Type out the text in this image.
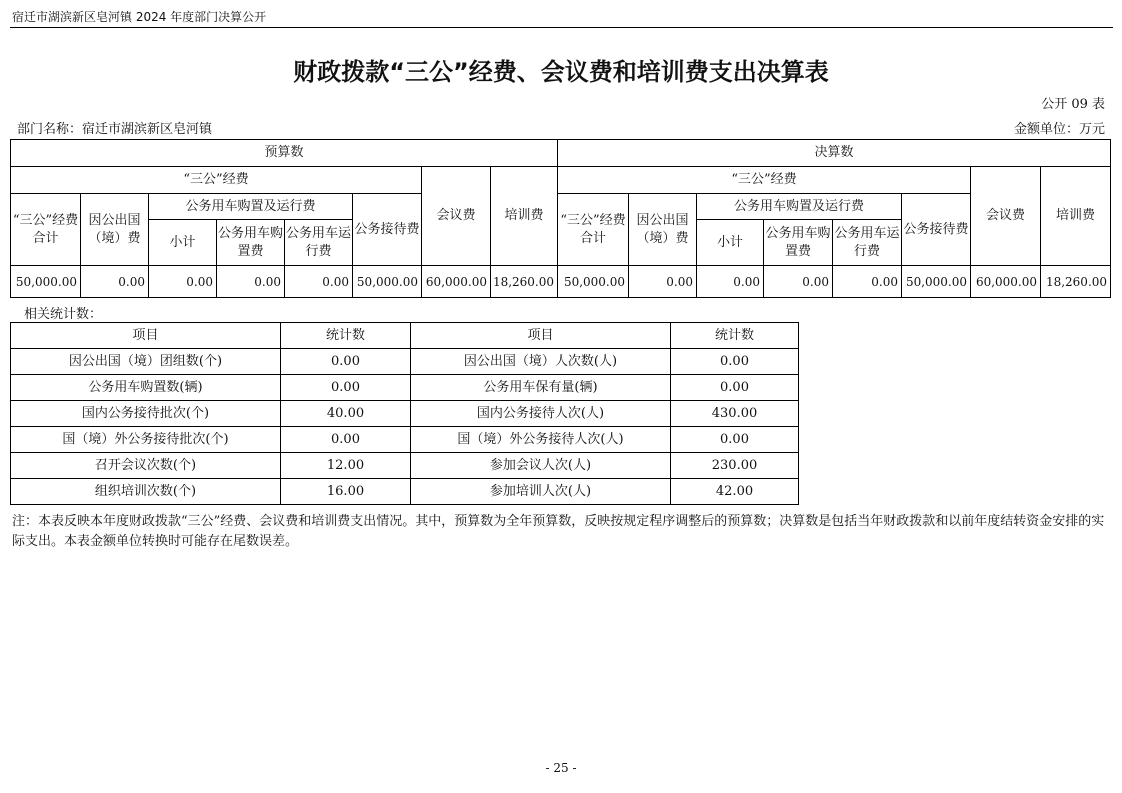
宿迁市湖滨新区皂河镇 2024 年度部门决算公开
财政拨款“三公”经费、会议费和培训费支出决算表
公开 09 表
部门名称：宿迁市湖滨新区皂河镇	金额单位：万元
预算数								决算数							
“三公”经费						会议费	培训费	“三公”经费						会议费	培训费
“三公”经费合计	因公出国（境）费	公务用车购置及运行费			公务接待费			“三公”经费合计	因公出国（境）费	公务用车购置及运行费			公务接待费		
		小计	公务用车购置费	公务用车运行费						小计	公务用车购置费	公务用车运行费			
50,000.00	0.00	0.00	0.00	0.00	50,000.00	60,000.00	18,260.00	50,000.00	0.00	0.00	0.00	0.00	50,000.00	60,000.00	18,260.00
相关统计数：
项目	统计数	项目	统计数
因公出国（境）团组数(个)	0.00	因公出国（境）人次数(人)	0.00
公务用车购置数(辆)	0.00	公务用车保有量(辆)	0.00
国内公务接待批次(个)	40.00	国内公务接待人次(人)	430.00
国（境）外公务接待批次(个)	0.00	国（境）外公务接待人次(人)	0.00
召开会议次数(个)	12.00	参加会议人次(人)	230.00
组织培训次数(个)	16.00	参加培训人次(人)	42.00
注：本表反映本年度财政拨款“三公”经费、会议费和培训费支出情况。其中，预算数为全年预算数，反映按规定程序调整后的预算数；决算数是包括当年财政拨款和以前年度结转资金安排的实际支出。本表金额单位转换时可能存在尾数误差。
- 25 -
